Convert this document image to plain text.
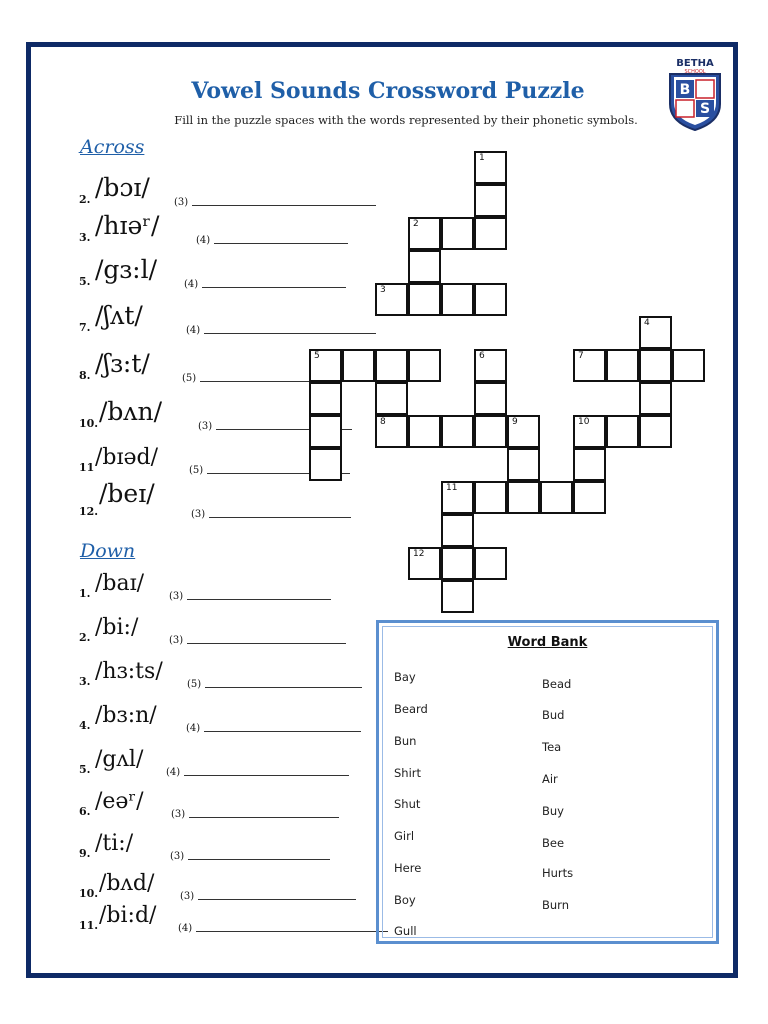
Vowel Sounds Crossword Puzzle
Fill in the puzzle spaces with the words represented by their phonetic symbols.
B
S
BETHA
SCHOOL
Across
2. /bɔɪ/
(3)
3. /hɪəʳ/
(4)
5. /gɜ:l/
(4)
7. /ʃʌt/
(4)
8. /ʃɜ:t/
(5)
10. /bʌn/
(3)
11 /bɪəd/
(5)
12.
/beɪ/
(3)
Down
1. /baɪ/
(3)
2. /bi:/
(3)
3. /hɜ:ts/
(5)
4. /bɜ:n/
(4)
5. /gʌl/
(4)
6. /eəʳ/
(3)
9. /ti:/
(3)
10. /bʌd/
(3)
11. /bi:d/
(4)
1
2
3
4
5	6	7
8	9	10
11
12
Word Bank
Bay
Beard
Bun
Shirt
Shut
Girl
Here
Boy
Gull
Bead
Bud
Tea
Air
Buy
Bee
Hurts
Burn
